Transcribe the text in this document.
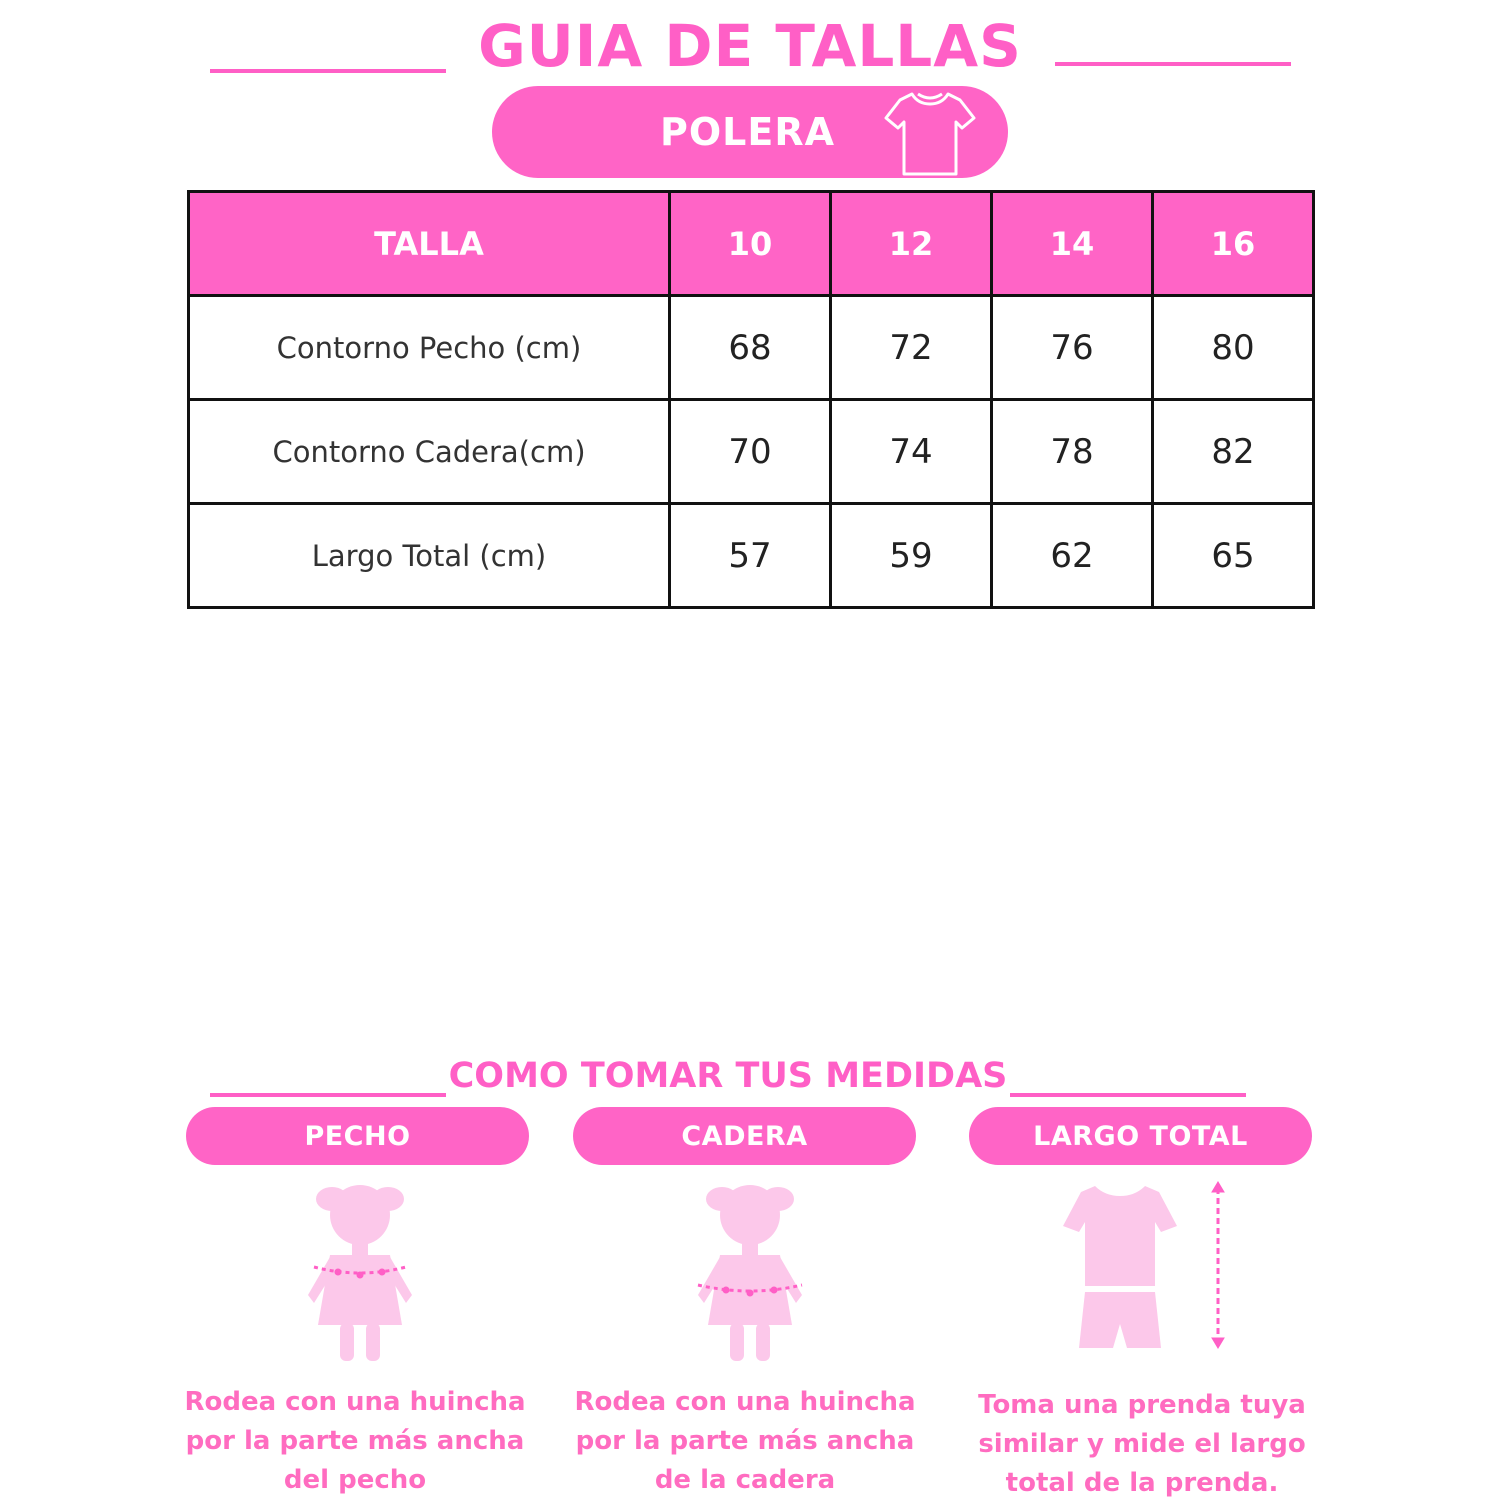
GUIA DE TALLAS
POLERA
TALLA	10	12	14	16
Contorno Pecho (cm)	68	72	76	80
Contorno Cadera(cm)	70	74	78	82
Largo Total (cm)	57	59	62	65
COMO TOMAR TUS MEDIDAS
PECHO	CADERA	LARGO TOTAL
Rodea con una huincha
por la parte más ancha
del pecho
Rodea con una huincha
por la parte más ancha
de la cadera
Toma una prenda tuya
similar y mide el largo
total de la prenda.
